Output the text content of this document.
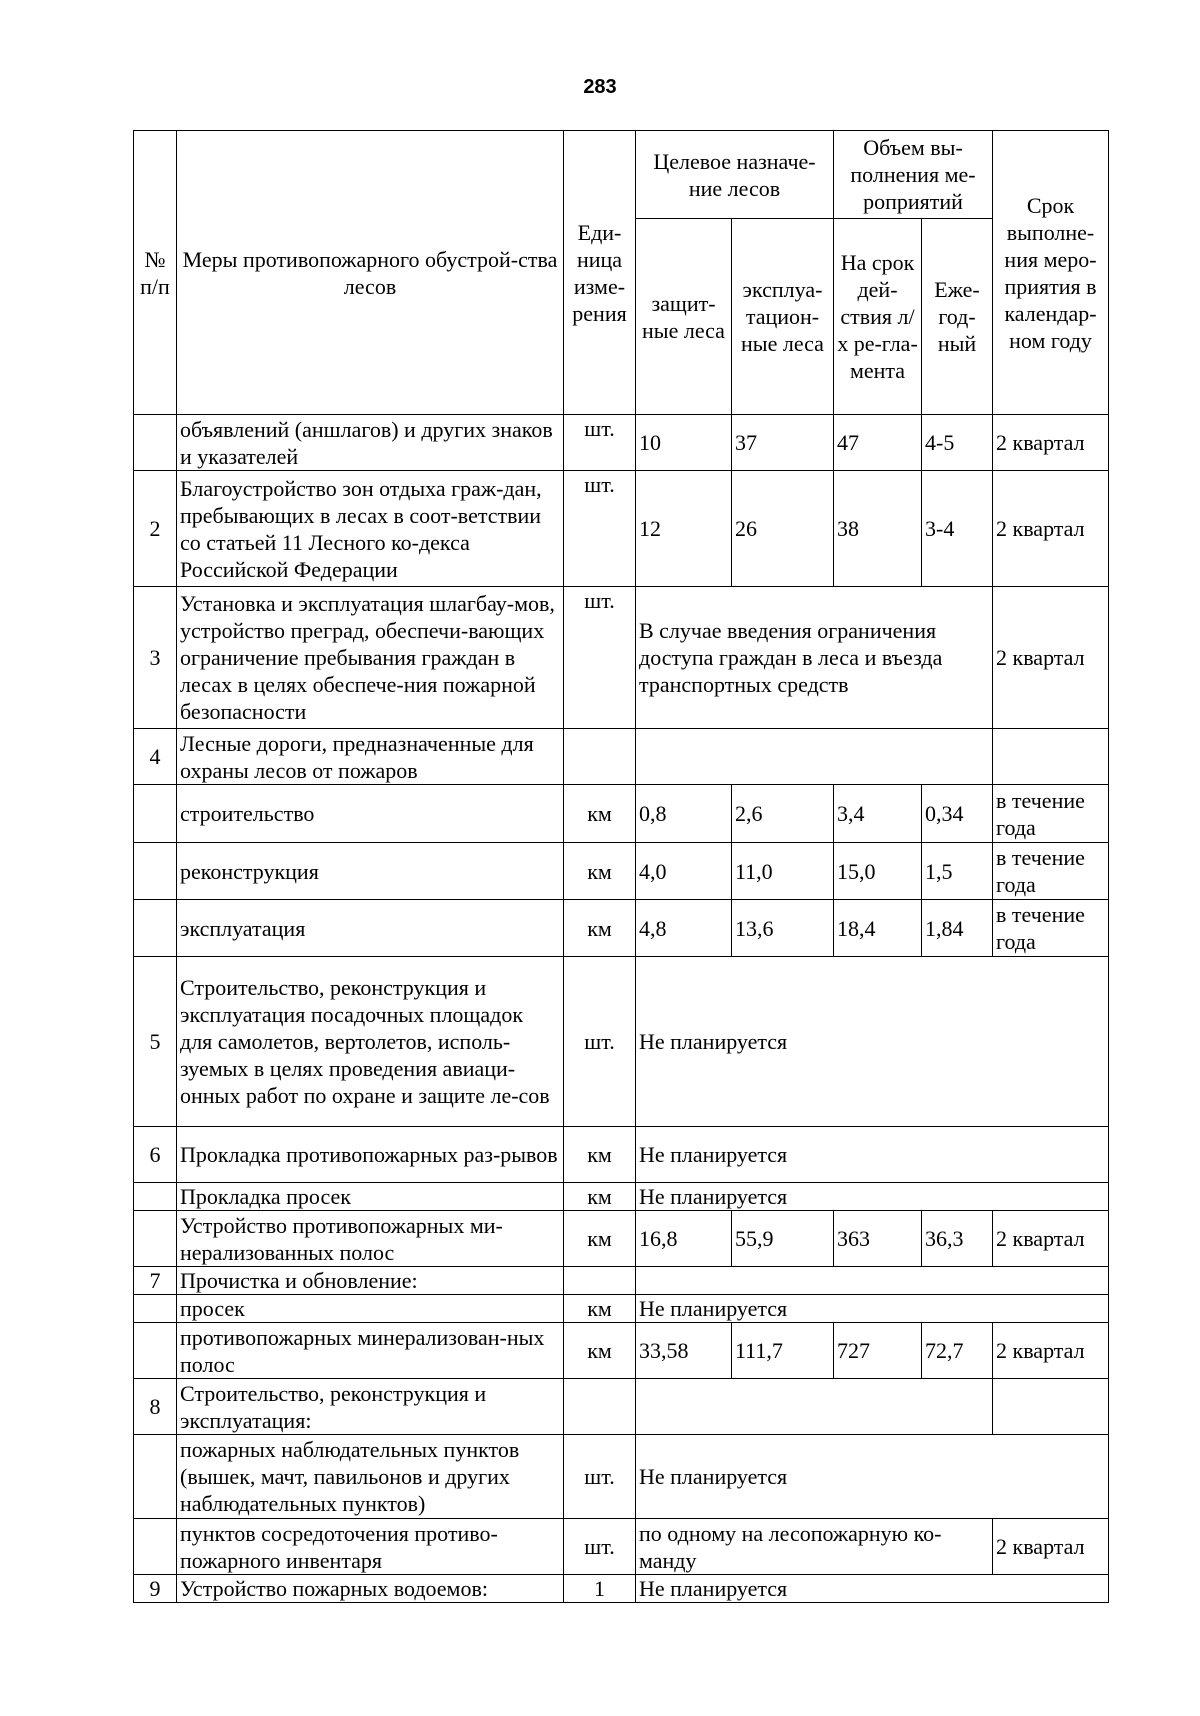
283
№ п/п	Меры противопожарного обустрой-ства лесов	Еди-ница изме-рения	Целевое назначе-ние лесов		Объем вы-полнения ме-роприятий		Срок выполне-ния меро-приятия в календар-ном году
			защит-ные леса	эксплуа-тацион-ные леса	На срок дей-ствия л/х ре-гла-мента	Еже-год-ный	
	объявлений (аншлагов) и других знаков и указателей	шт.	10	37	47	4-5	2 квартал
2	Благоустройство зон отдыха граж-дан, пребывающих в лесах в соот-ветствии со статьей 11 Лесного ко-декса Российской Федерации	шт.	12	26	38	3-4	2 квартал
3	Установка и эксплуатация шлагбау-мов, устройство преград, обеспечи-вающих ограничение пребывания граждан в лесах в целях обеспече-ния пожарной безопасности	шт.	В случае введения ограничения доступа граждан в леса и въезда транспортных средств				2 квартал
4	Лесные дороги, предназначенные для охраны лесов от пожаров						
	строительство	км	0,8	2,6	3,4	0,34	в течение года
	реконструкция	км	4,0	11,0	15,0	1,5	в течение года
	эксплуатация	км	4,8	13,6	18,4	1,84	в течение года
5	Строительство, реконструкция и эксплуатация посадочных площадок для самолетов, вертолетов, исполь-зуемых в целях проведения авиаци-онных работ по охране и защите ле-сов	шт.	Не планируется				
6	Прокладка противопожарных раз-рывов	км	Не планируется				
	Прокладка просек	км	Не планируется				
	Устройство противопожарных ми-нерализованных полос	км	16,8	55,9	363	36,3	2 квартал
7	Прочистка и обновление:						
	просек	км	Не планируется				
	противопожарных минерализован-ных полос	км	33,58	111,7	727	72,7	2 квартал
8	Строительство, реконструкция и эксплуатация:						
	пожарных наблюдательных пунктов (вышек, мачт, павильонов и других наблюдательных пунктов)	шт.	Не планируется				
	пунктов сосредоточения противо-пожарного инвентаря	шт.	по одному на лесопожарную ко-манду				2 квартал
9	Устройство пожарных водоемов:	1	Не планируется				
